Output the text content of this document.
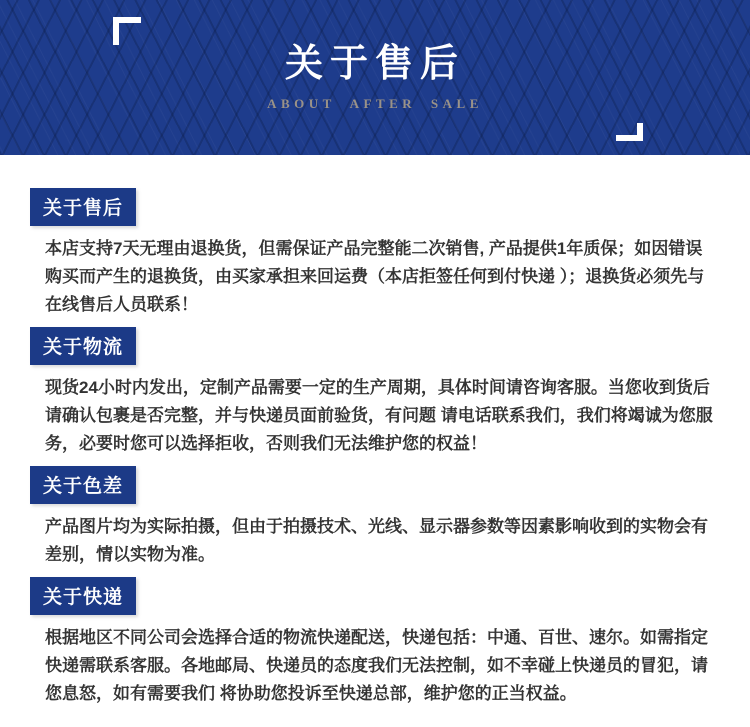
关于售后
ABOUT AFTER SALE
关于售后

本店支持7天无理由退换货，但需保证产品完整能二次销售, 产品提供1年质保；如因错误购买而产生的退换货，由买家承担来回运费（本店拒签任何到付快递 ）；退换货必须先与在线售后人员联系！

关于物流

现货24小时内发出，定制产品需要一定的生产周期，具体时间请咨询客服。当您收到货后请确认包裹是否完整，并与快递员面前验货，有问题 请电话联系我们，我们将竭诚为您服务，必要时您可以选择拒收，否则我们无法维护您的权益！

关于色差

产品图片均为实际拍摄，但由于拍摄技术、光线、显示器参数等因素影响收到的实物会有差别，情以实物为准。

关于快递

根据地区不同公司会选择合适的物流快递配送，快递包括：中通、百世、速尔。如需指定快递需联系客服。各地邮局、快递员的态度我们无法控制，如不幸碰上快递员的冒犯，请您息怒，如有需要我们 将协助您投诉至快递总部，维护您的正当权益。
